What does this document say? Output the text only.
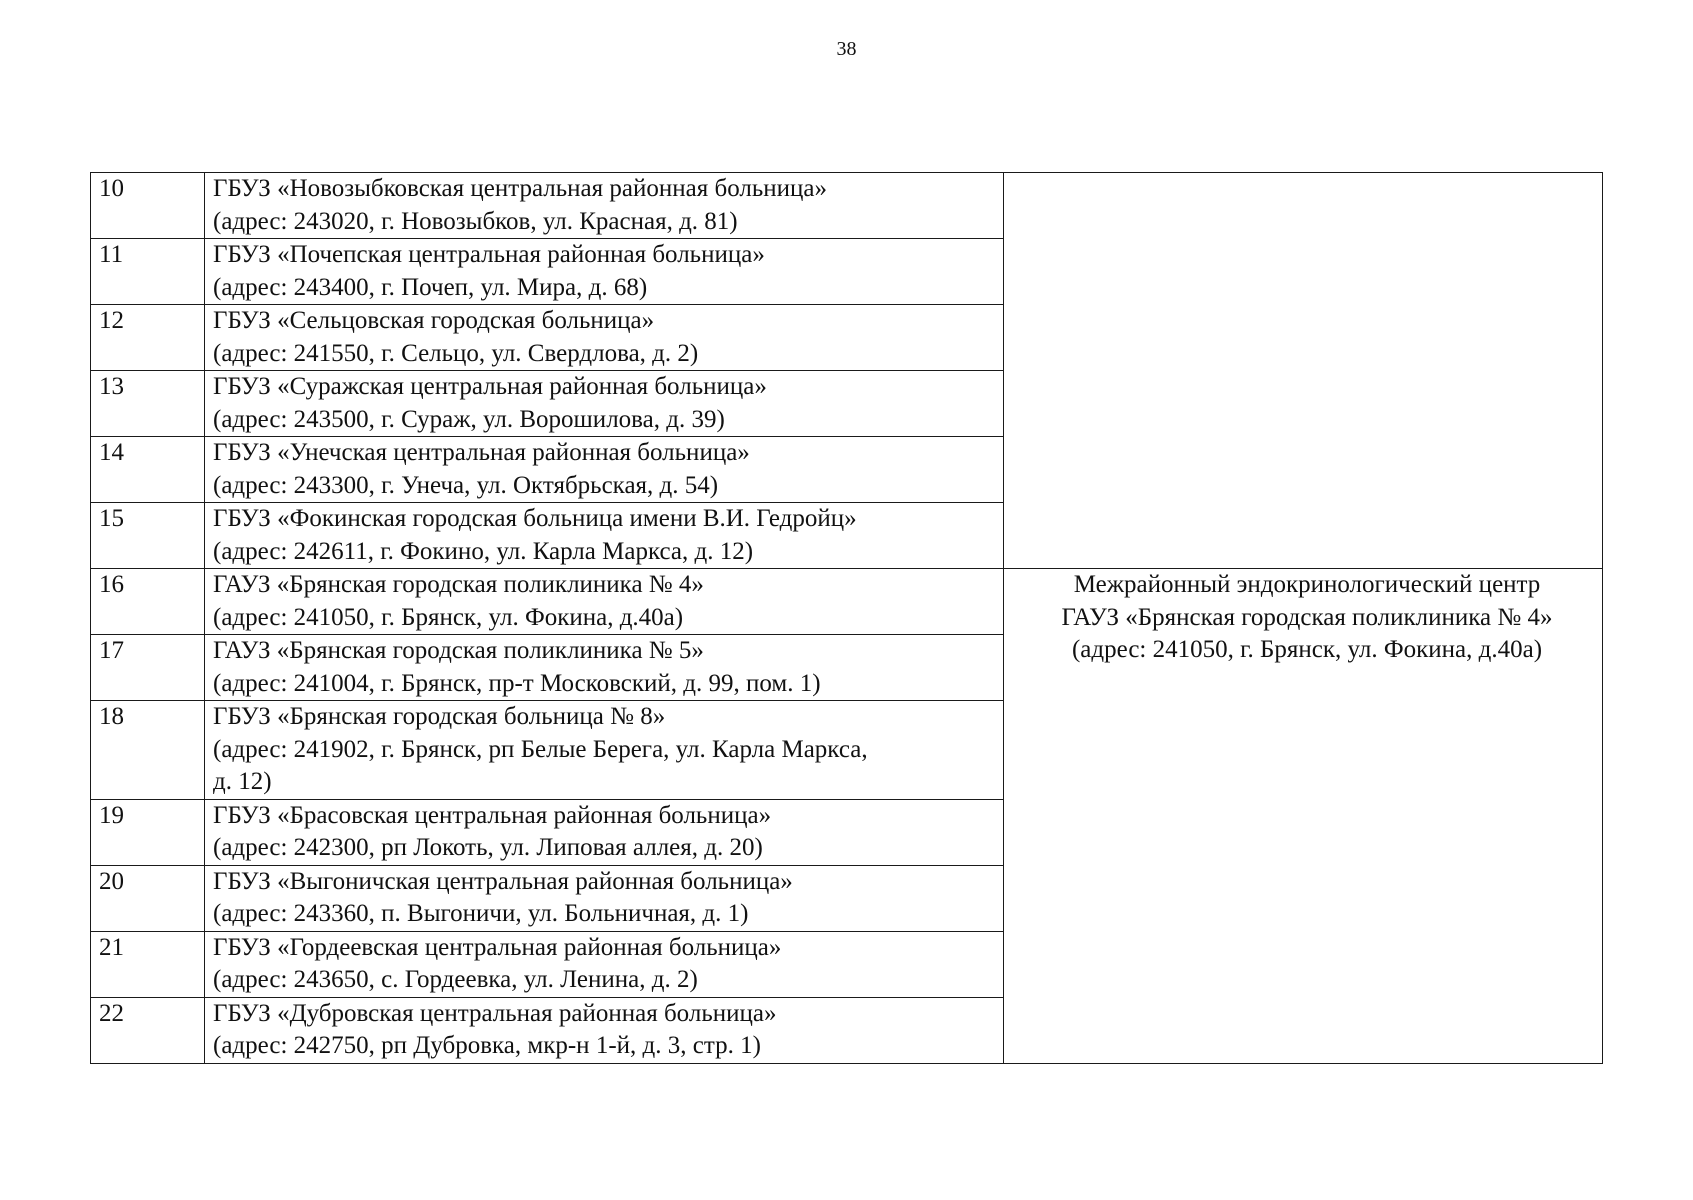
38
10	ГБУЗ «Новозыбковская центральная районная больница»
(адрес: 243020, г. Новозыбков, ул. Красная, д. 81)	

11	ГБУЗ «Почепская центральная районная больница»
(адрес: 243400, г. Почеп, ул. Мира, д. 68)	

12	ГБУЗ «Сельцовская городская больница»
(адрес: 241550, г. Сельцо, ул. Свердлова, д. 2)	

13	ГБУЗ «Суражская центральная районная больница»
(адрес: 243500, г. Сураж, ул. Ворошилова, д. 39)	

14	ГБУЗ «Унечская центральная районная больница»
(адрес: 243300, г. Унеча, ул. Октябрьская, д. 54)	

15	ГБУЗ «Фокинская городская больница имени В.И. Гедройц»
(адрес: 242611, г. Фокино, ул. Карла Маркса, д. 12)	

16	ГАУЗ «Брянская городская поликлиника № 4»
(адрес: 241050, г. Брянск, ул. Фокина, д.40а)	Межрайонный эндокринологический центр
ГАУЗ «Брянская городская поликлиника № 4»
(адрес: 241050, г. Брянск, ул. Фокина, д.40а)

17	ГАУЗ «Брянская городская поликлиника № 5»
(адрес: 241004, г. Брянск, пр-т Московский, д. 99, пом. 1)	

18	ГБУЗ «Брянская городская больница № 8»
(адрес: 241902, г. Брянск, рп Белые Берега, ул. Карла Маркса,
д. 12)	

19	ГБУЗ «Брасовская центральная районная больница»
(адрес: 242300, рп Локоть, ул. Липовая аллея, д. 20)	

20	ГБУЗ «Выгоничская центральная районная больница»
(адрес: 243360, п. Выгоничи, ул. Больничная, д. 1)	

21	ГБУЗ «Гордеевская центральная районная больница»
(адрес: 243650, с. Гордеевка, ул. Ленина, д. 2)	

22	ГБУЗ «Дубровская центральная районная больница»
(адрес: 242750, рп Дубровка, мкр-н 1-й, д. 3, стр. 1)	
